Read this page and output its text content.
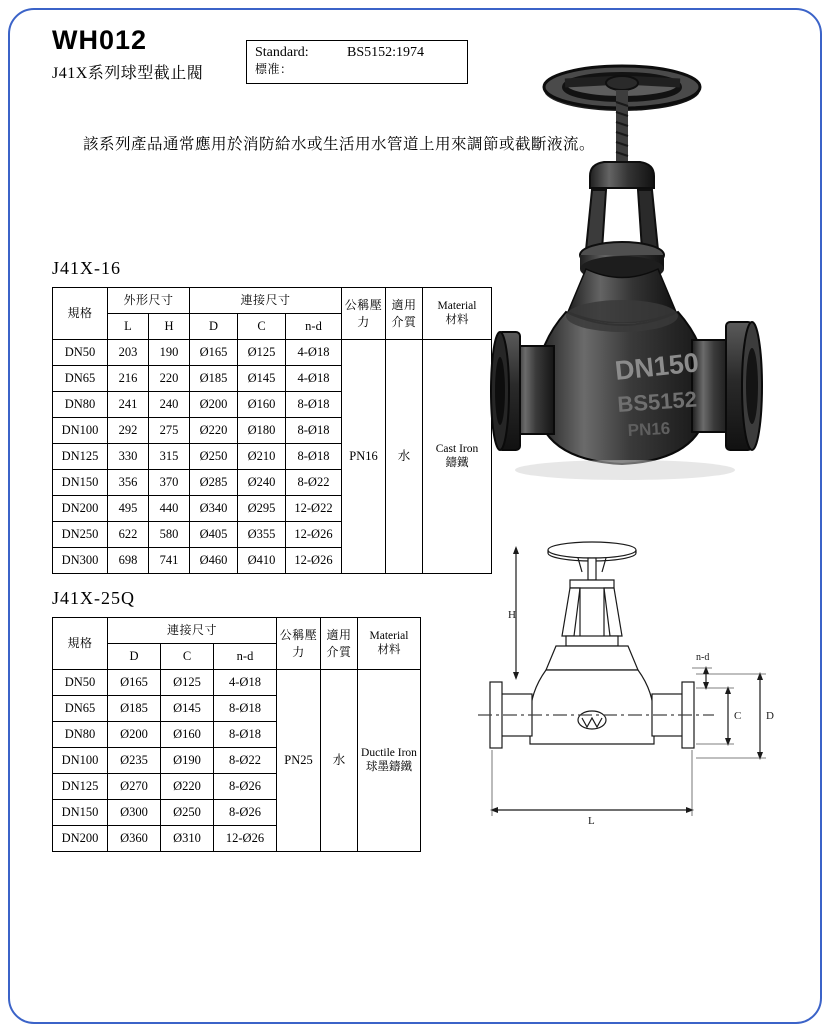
WH012
J41X系列球型截止閥
Standard:	BS5152:1974
標准：
該系列產品通常應用於消防給水或生活用水管道上用來調節或截斷液流。
J41X-16
規格	外形尺寸		連接尺寸			公稱壓力	適用介質	Material
材料

	L	H	D	C	n-d			
DN50	203	190	Ø165	Ø125	4-Ø18	PN16	水	Cast Iron
鑄鐵

DN65	216	220	Ø185	Ø145	4-Ø18			
DN80	241	240	Ø200	Ø160	8-Ø18			
DN100	292	275	Ø220	Ø180	8-Ø18			
DN125	330	315	Ø250	Ø210	8-Ø18			
DN150	356	370	Ø285	Ø240	8-Ø22			
DN200	495	440	Ø340	Ø295	12-Ø22			
DN250	622	580	Ø405	Ø355	12-Ø26			
DN300	698	741	Ø460	Ø410	12-Ø26			
J41X-25Q
規格	連接尺寸			公稱壓力	適用介質	Material
材料

	D	C	n-d			
DN50	Ø165	Ø125	4-Ø18	PN25	水	Ductile Iron
球墨鑄鐵

DN65	Ø185	Ø145	8-Ø18			
DN80	Ø200	Ø160	8-Ø18			
DN100	Ø235	Ø190	8-Ø22			
DN125	Ø270	Ø220	8-Ø26			
DN150	Ø300	Ø250	8-Ø26			
DN200	Ø360	Ø310	12-Ø26			
DN150
BS5152
PN16
H
L
D
C
n-d
